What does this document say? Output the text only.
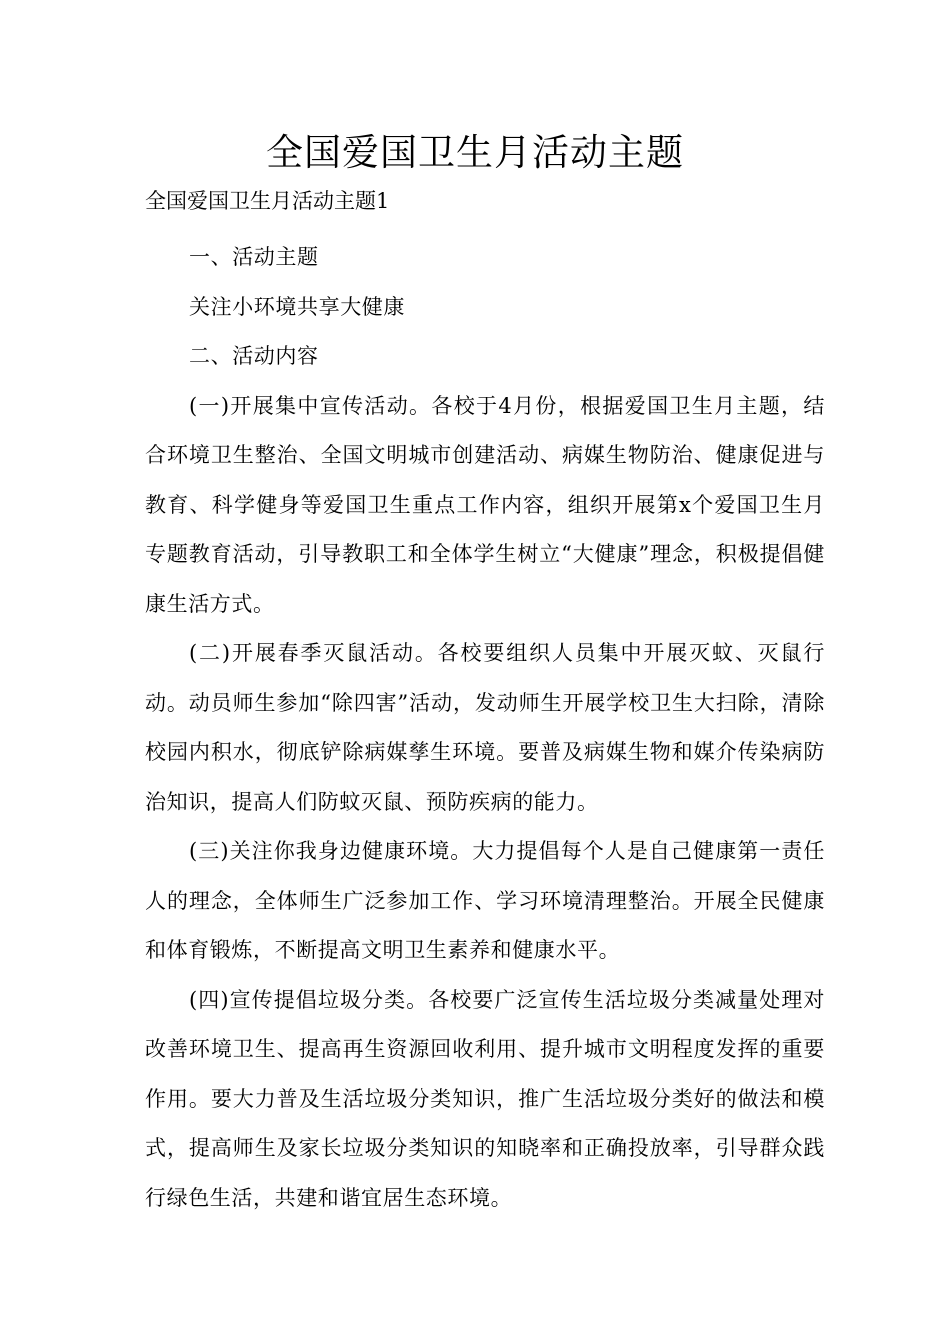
全国爱国卫生月活动主题

全国爱国卫生月活动主题1

一、活动主题

关注小环境共享大健康

二、活动内容

(一)开展集中宣传活动。各校于4月份，根据爱国卫生月主题，结合环境卫生整治、全国文明城市创建活动、病媒生物防治、健康促进与教育、科学健身等爱国卫生重点工作内容，组织开展第x个爱国卫生月专题教育活动，引导教职工和全体学生树立“大健康”理念，积极提倡健康生活方式。

(二)开展春季灭鼠活动。各校要组织人员集中开展灭蚊、灭鼠行动。动员师生参加“除四害”活动，发动师生开展学校卫生大扫除，清除校园内积水，彻底铲除病媒孳生环境。要普及病媒生物和媒介传染病防治知识，提高人们防蚊灭鼠、预防疾病的能力。

(三)关注你我身边健康环境。大力提倡每个人是自己健康第一责任人的理念，全体师生广泛参加工作、学习环境清理整治。开展全民健康和体育锻炼，不断提高文明卫生素养和健康水平。

(四)宣传提倡垃圾分类。各校要广泛宣传生活垃圾分类减量处理对改善环境卫生、提高再生资源回收利用、提升城市文明程度发挥的重要作用。要大力普及生活垃圾分类知识，推广生活垃圾分类好的做法和模式，提高师生及家长垃圾分类知识的知晓率和正确投放率，引导群众践行绿色生活，共建和谐宜居生态环境。
